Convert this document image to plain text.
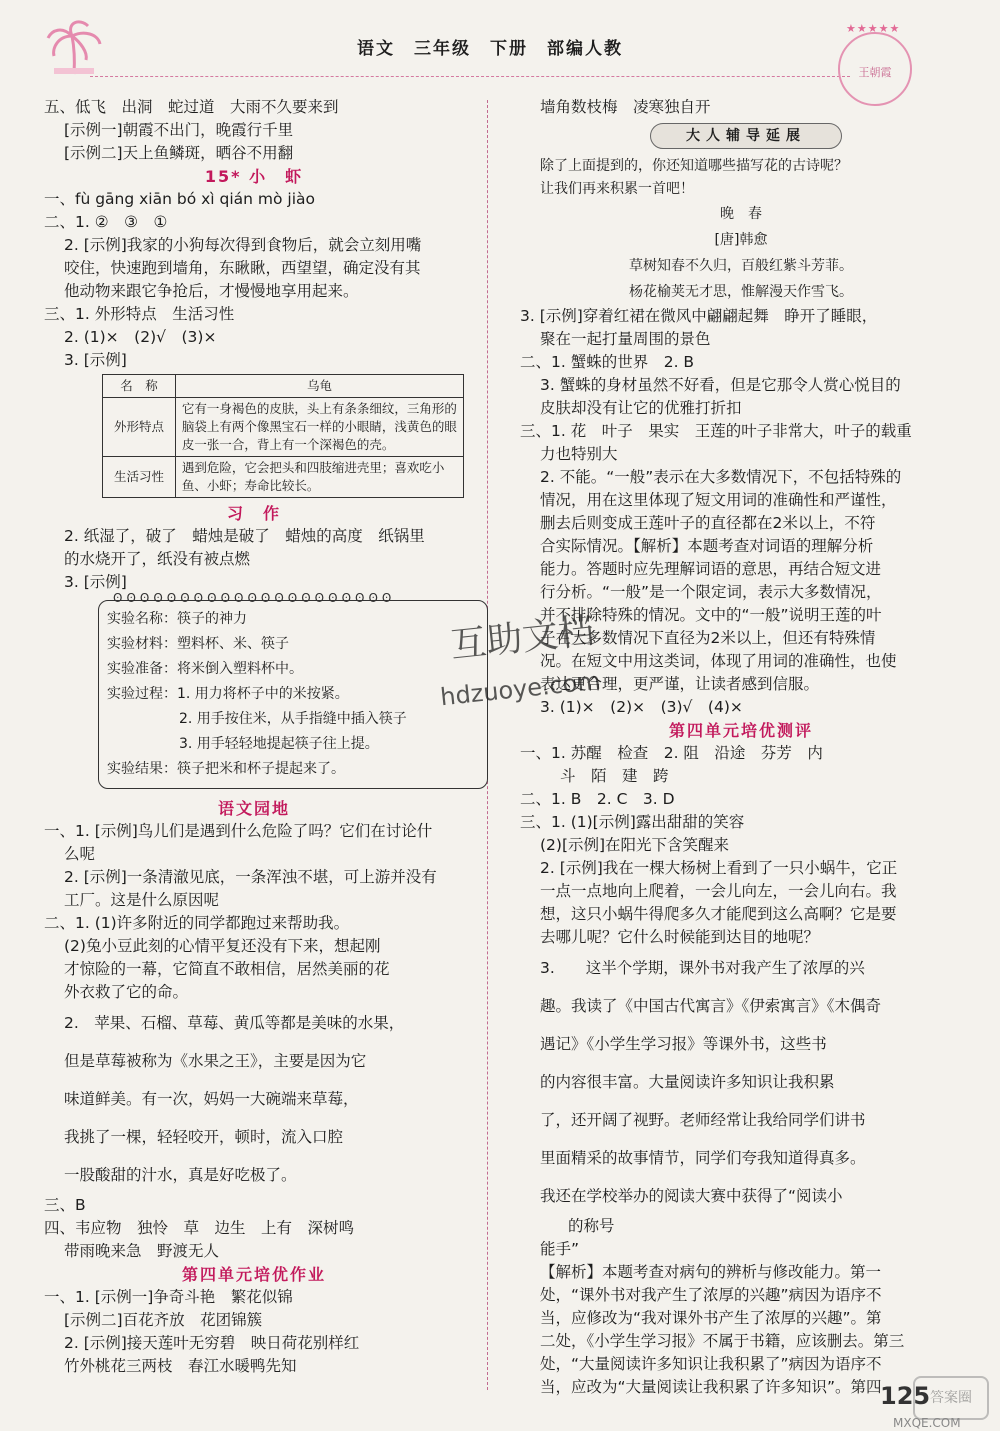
语文　三年级　下册　部编人教
★★★★★
王朝霞
五、低飞　出洞　蛇过道　大雨不久要来到
[示例一]朝霞不出门，晚霞行千里
[示例二]天上鱼鳞斑，晒谷不用翻
15* 小　虾
一、fù gāng xiān bó xì qián mò jiào
二、1. ②　③　①
2. [示例]我家的小狗每次得到食物后，就会立刻用嘴
咬住，快速跑到墙角，东瞅瞅，西望望，确定没有其
他动物来跟它争抢后，才慢慢地享用起来。
三、1. 外形特点　生活习性
2. (1)×　(2)√　(3)×
3. [示例]
名　称	乌龟
外形特点	它有一身褐色的皮肤，头上有条条细纹，三角形的脑袋上有两个像黑宝石一样的小眼睛，浅黄色的眼皮一张一合，背上有一个深褐色的壳。
生活习性	遇到危险，它会把头和四肢缩进壳里；喜欢吃小鱼、小虾；寿命比较长。
习　作
2. 纸湿了，破了　蜡烛是破了　蜡烛的高度　纸锅里
的水烧开了，纸没有被点燃
3. [示例]
ʘʘʘʘʘʘʘʘʘʘʘʘʘʘʘʘʘʘʘʘʘ
实验名称：筷子的神力
实验材料：塑料杯、米、筷子
实验准备：将米倒入塑料杯中。
实验过程：1. 用力将杯子中的米按紧。
2. 用手按住米，从手指缝中插入筷子
3. 用手轻轻地提起筷子往上提。
实验结果：筷子把米和杯子提起来了。
语文园地
一、1. [示例]鸟儿们是遇到什么危险了吗？它们在讨论什
么呢
2. [示例]一条清澈见底，一条浑浊不堪，可上游并没有
工厂。这是什么原因呢
二、1. (1)许多附近的同学都跑过来帮助我。
(2)兔小豆此刻的心情平复还没有下来，想起刚
才惊险的一幕，它简直不敢相信，居然美丽的花
外衣救了它的命。
2.　苹果、石榴、草莓、黄瓜等都是美味的水果，
但是草莓被称为《水果之王》，主要是因为它
味道鲜美。有一次，妈妈一大碗端来草莓，
我挑了一棵，轻轻咬开，顿时，流入口腔
一股酸甜的汁水，真是好吃极了。
三、B
四、韦应物　独怜　草　边生　上有　深树鸣
带雨晚来急　野渡无人
第四单元培优作业
一、1. [示例一]争奇斗艳　繁花似锦
[示例二]百花齐放　花团锦簇
2. [示例]接天莲叶无穷碧　映日荷花别样红
竹外桃花三两枝　春江水暖鸭先知
墙角数枝梅　凌寒独自开
大人辅导延展
除了上面提到的，你还知道哪些描写花的古诗呢？
让我们再来积累一首吧！
晚　春
[唐]韩愈
草树知春不久归，百般红紫斗芳菲。
杨花榆荚无才思，惟解漫天作雪飞。
3. [示例]穿着红裙在微风中翩翩起舞　睁开了睡眼，
聚在一起打量周围的景色
二、1. 蟹蛛的世界　2. B
3. 蟹蛛的身材虽然不好看，但是它那令人赏心悦目的
皮肤却没有让它的优雅打折扣
三、1. 花　叶子　果实　王莲的叶子非常大，叶子的载重
力也特别大
2. 不能。“一般”表示在大多数情况下，不包括特殊的
情况，用在这里体现了短文用词的准确性和严谨性，
删去后则变成王莲叶子的直径都在2米以上，不符
合实际情况。【解析】本题考查对词语的理解分析
能力。答题时应先理解词语的意思，再结合短文进
行分析。“一般”是一个限定词，表示大多数情况，
并不排除特殊的情况。文中的“一般”说明王莲的叶
子在大多数情况下直径为2米以上，但还有特殊情
况。在短文中用这类词，体现了用词的准确性，也使
表达更合理，更严谨，让读者感到信服。
3. (1)×　(2)×　(3)√　(4)×
第四单元培优测评
一、1. 苏醒　检查　2. 阻　沿途　芬芳　内
斗　陌　建　跨
二、1. B　2. C　3. D
三、1. (1)[示例]露出甜甜的笑容
(2)[示例]在阳光下含笑醒来
2. [示例]我在一棵大杨树上看到了一只小蜗牛，它正
一点一点地向上爬着，一会儿向左，一会儿向右。我
想，这只小蜗牛得爬多久才能爬到这么高啊？它是要
去哪儿呢？它什么时候能到达目的地呢？
3.　　这半个学期，课外书对我产生了浓厚的兴
趣。我读了《中国古代寓言》《伊索寓言》《木偶奇
遇记》《小学生学习报》等课外书，这些书
的内容很丰富。大量阅读许多知识让我积累
了，还开阔了视野。老师经常让我给同学们讲书
里面精采的故事情节，同学们夸我知道得真多。
我还在学校举办的阅读大赛中获得了“阅读小
的称号
能手”
【解析】本题考查对病句的辨析与修改能力。第一
处，“课外书对我产生了浓厚的兴趣”病因为语序不
当，应修改为“我对课外书产生了浓厚的兴趣”。第
二处，《小学生学习报》不属于书籍，应该删去。第三
处，“大量阅读许多知识让我积累了”病因为语序不
当，应改为“大量阅读让我积累了许多知识”。第四
互助文档
hdzuoye.com
125 答案圈
MXQE.COM
